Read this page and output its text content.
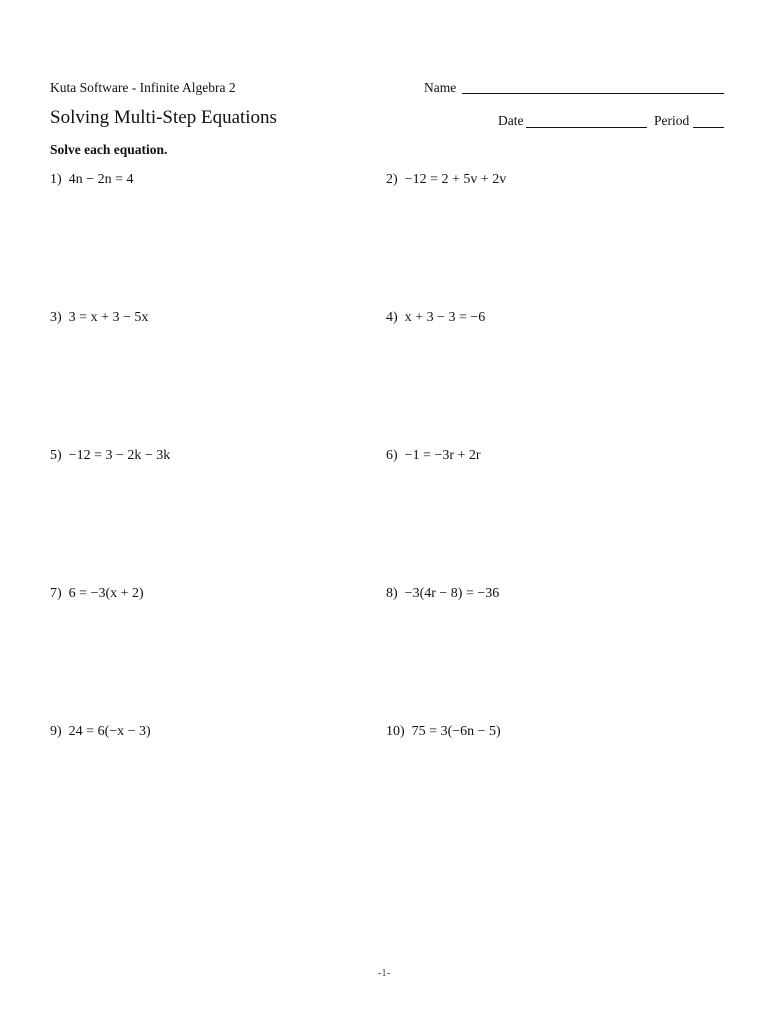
Kuta Software - Infinite Algebra 2	Name
Solving Multi-Step Equations	Date	Period
Solve each equation.
1) 4n − 2n = 4	2) −12 = 2 + 5v + 2v
3) 3 = x + 3 − 5x	4) x + 3 − 3 = −6
5) −12 = 3 − 2k − 3k	6) −1 = −3r + 2r
7) 6 = −3(x + 2)	8) −3(4r − 8) = −36
9) 24 = 6(−x − 3)	10) 75 = 3(−6n − 5)
-1-
